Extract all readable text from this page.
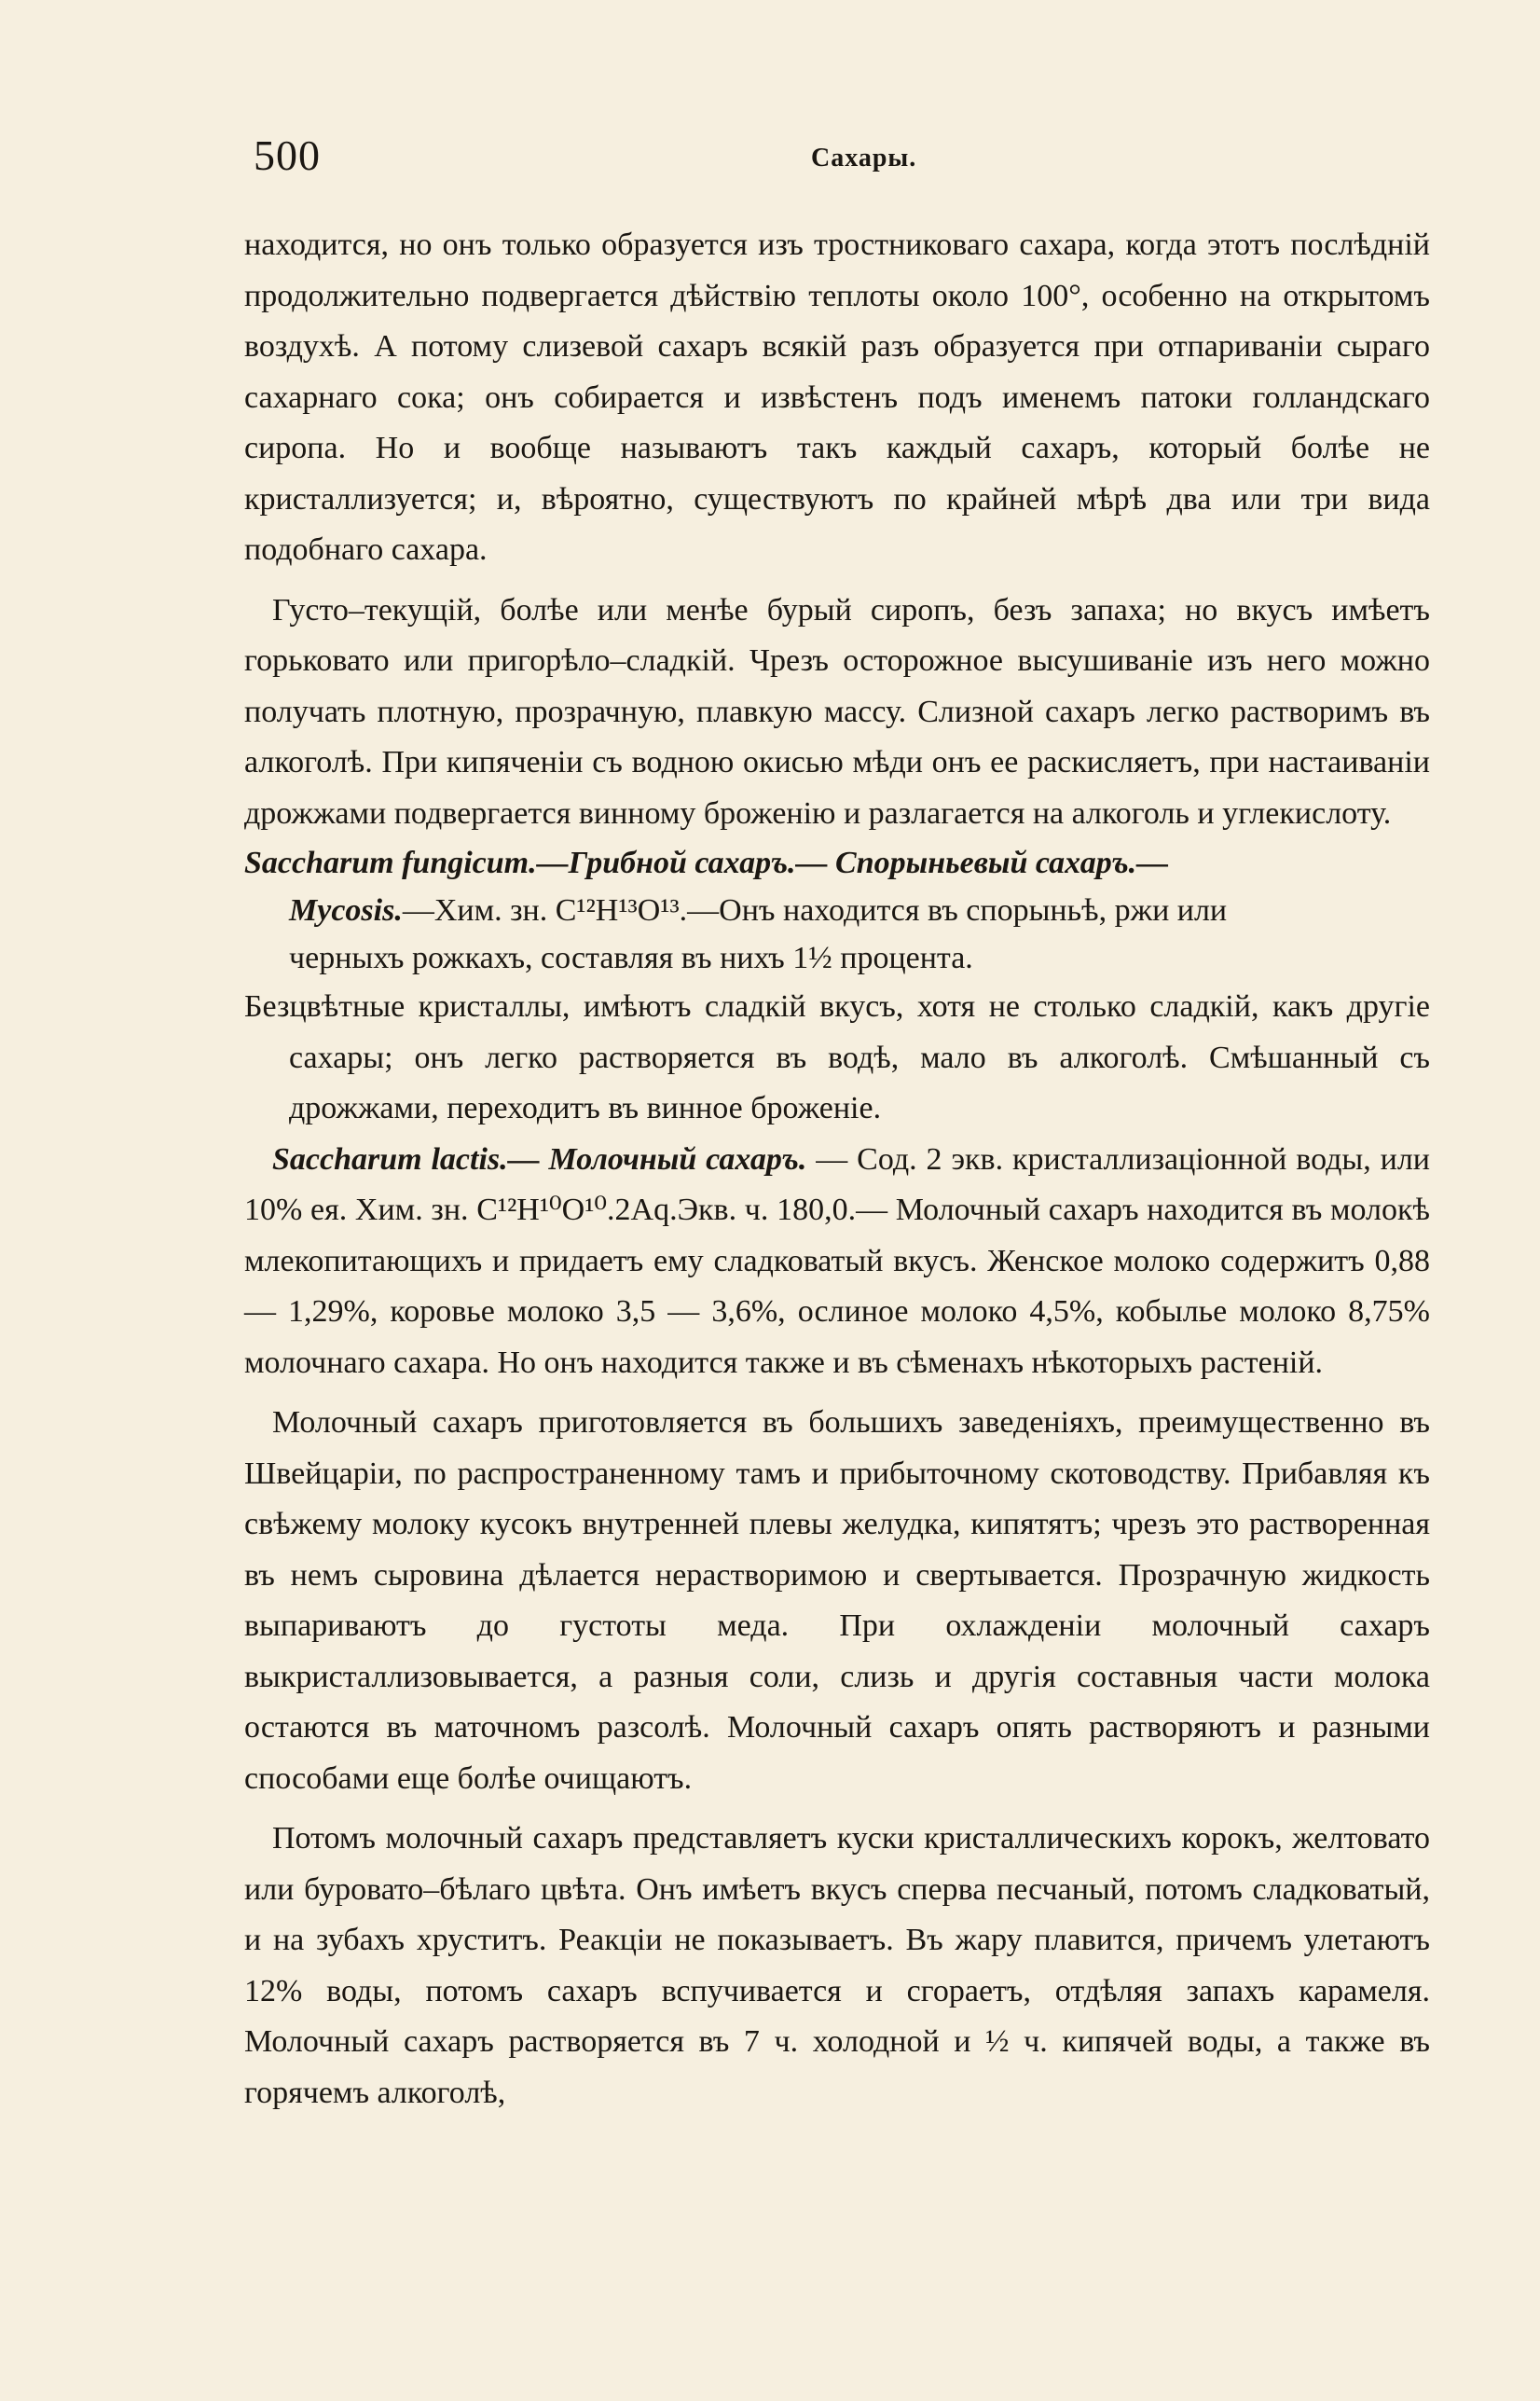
500	Сахары.

находится, но онъ только образуется изъ тростниковаго сахара, когда этотъ послѣдній продолжительно подвергается дѣйствію теплоты около 100°, особенно на открытомъ воздухѣ. А потому слизевой сахаръ всякій разъ образуется при отпариваніи сыраго сахарнаго сока; онъ собирается и извѣстенъ подъ именемъ патоки голландскаго сиропа. Но и вообще называютъ такъ каждый сахаръ, который болѣе не кристаллизуется; и, вѣроятно, существуютъ по крайней мѣрѣ два или три вида подобнаго сахара.

Густо–текущій, болѣе или менѣе бурый сиропъ, безъ запаха; но вкусъ имѣетъ горьковато или пригорѣло–сладкій. Чрезъ осторожное высушиваніе изъ него можно получать плотную, прозрачную, плавкую массу. Слизной сахаръ легко растворимъ въ алкоголѣ. При кипяченіи съ водною окисью мѣди онъ ее раскисляетъ, при настаиваніи дрожжами подвергается винному броженію и разлагается на алкоголь и углекислоту.

Saccharum fungicum.—Грибной сахаръ.— Спорыньевый сахаръ.—

Mycosis.—Хим. зн. C¹²H¹³O¹³.—Онъ находится въ спорыньѣ, ржи или

черныхъ рожкахъ, составляя въ нихъ 1½ процента.

Безцвѣтные кристаллы, имѣютъ сладкій вкусъ, хотя не столько сладкій, какъ другіе сахары; онъ легко растворяется въ водѣ, мало въ алкоголѣ. Смѣшанный съ дрожжами, переходитъ въ винное броженіе.

Saccharum lactis.— Молочный сахаръ. — Сод. 2 экв. кристаллизаціонной воды, или 10% ея. Хим. зн. C¹²H¹⁰O¹⁰.2Aq.Экв. ч. 180,0.— Молочный сахаръ находится въ молокѣ млекопитающихъ и придаетъ ему сладковатый вкусъ. Женское молоко содержитъ 0,88 — 1,29%, коровье молоко 3,5 — 3,6%, ослиное молоко 4,5%, кобылье молоко 8,75% молочнаго сахара. Но онъ находится также и въ сѣменахъ нѣкоторыхъ растеній.

Молочный сахаръ приготовляется въ большихъ заведеніяхъ, преимущественно въ Швейцаріи, по распространенному тамъ и прибыточному скотоводству. Прибавляя къ свѣжему молоку кусокъ внутренней плевы желудка, кипятятъ; чрезъ это растворенная въ немъ сыровина дѣлается нерастворимою и свертывается. Прозрачную жидкость выпариваютъ до густоты меда. При охлажденіи молочный сахаръ выкристаллизовывается, а разныя соли, слизь и другія составныя части молока остаются въ маточномъ разсолѣ. Молочный сахаръ опять растворяютъ и разными способами еще болѣе очищаютъ.

Потомъ молочный сахаръ представляетъ куски кристаллическихъ корокъ, желтовато или буровато–бѣлаго цвѣта. Онъ имѣетъ вкусъ сперва песчаный, потомъ сладковатый, и на зубахъ хруститъ. Реакціи не показываетъ. Въ жару плавится, причемъ улетаютъ 12% воды, потомъ сахаръ вспучивается и сгораетъ, отдѣляя запахъ карамеля. Молочный сахаръ растворяется въ 7 ч. холодной и ½ ч. кипячей воды, а также въ горячемъ алкоголѣ,
